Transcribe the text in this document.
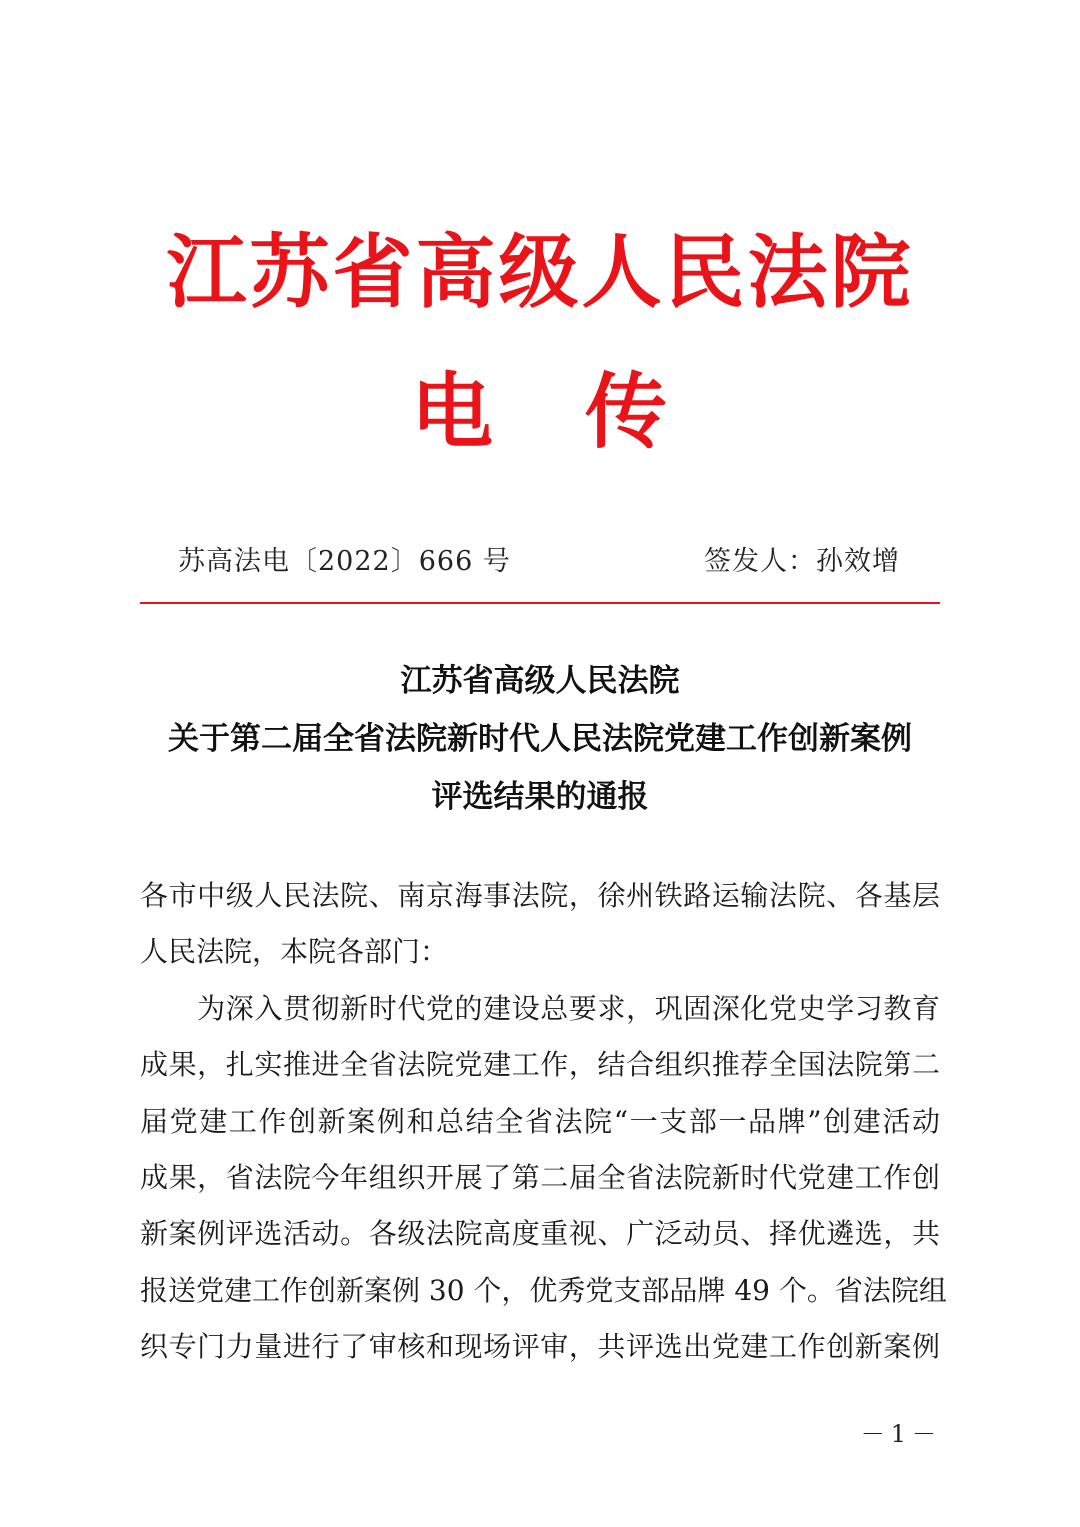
江苏省高级人民法院
电 传
苏高法电〔2022〕666 号	签发人：孙效增
江苏省高级人民法院
关于第二届全省法院新时代人民法院党建工作创新案例
评选结果的通报
各市中级人民法院、南京海事法院，徐州铁路运输法院、各基层
人民法院，本院各部门：
　　为深入贯彻新时代党的建设总要求，巩固深化党史学习教育
成果，扎实推进全省法院党建工作，结合组织推荐全国法院第二
届党建工作创新案例和总结全省法院“一支部一品牌”创建活动
成果，省法院今年组织开展了第二届全省法院新时代党建工作创
新案例评选活动。各级法院高度重视、广泛动员、择优遴选，共
报送党建工作创新案例 30 个，优秀党支部品牌 49 个。省法院组
织专门力量进行了审核和现场评审，共评选出党建工作创新案例
－1－
